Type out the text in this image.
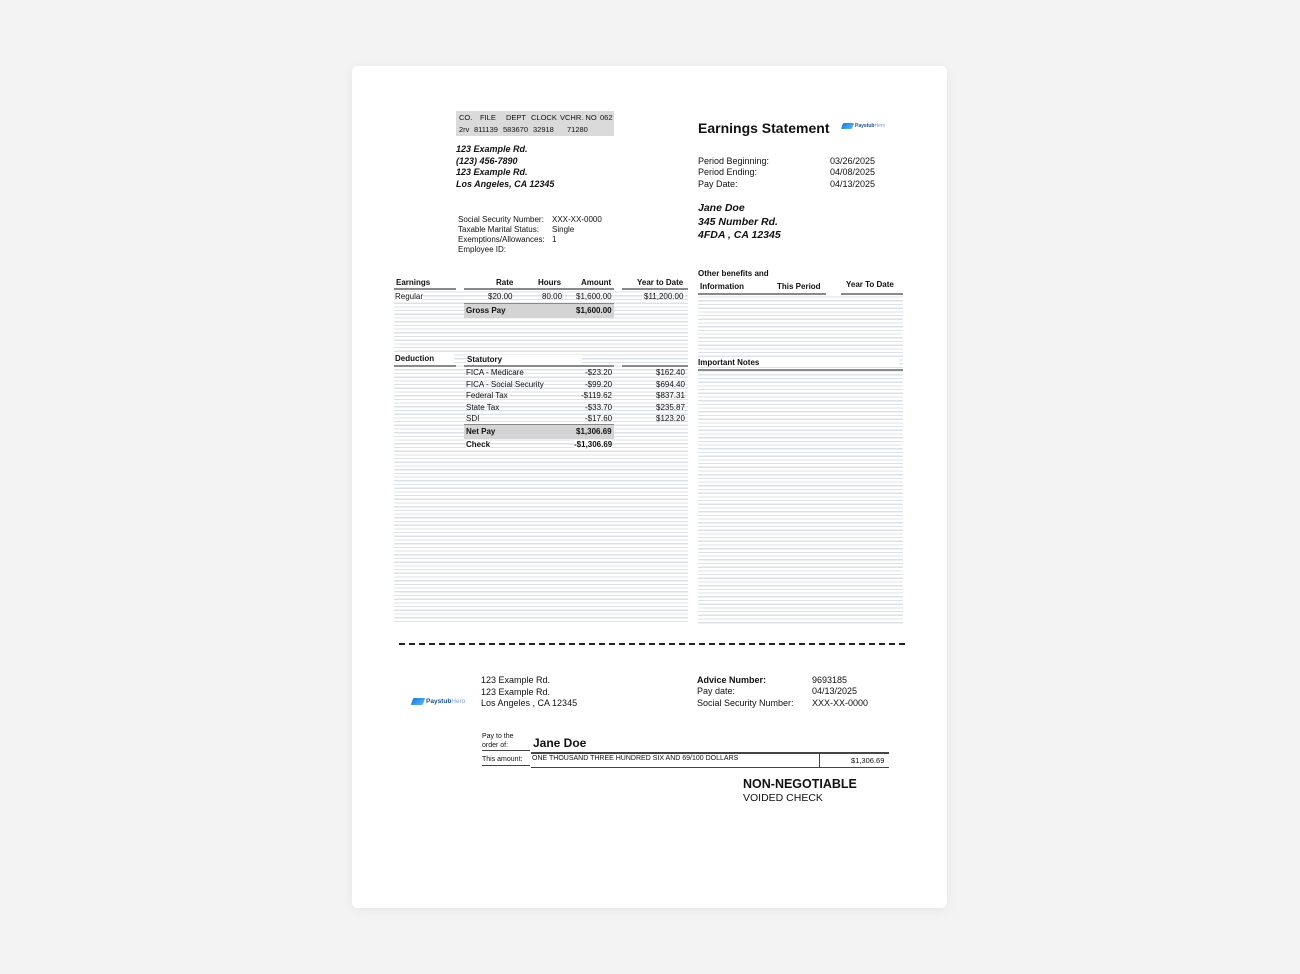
CO. FILE DEPT CLOCK VCHR. NO 062
2rv 811139 583670 32918 71280
123 Example Rd.
(123) 456-7890
123 Example Rd.
Los Angeles, CA 12345
Social Security Number: XXX-XX-0000
Taxable Marital Status: Single
Exemptions/Allowances: 1
Employee ID:
Earnings Statement	PaystubHero
Period Beginning:	03/26/2025
Period Ending:	04/08/2025
Pay Date:	04/13/2025
Jane Doe
345 Number Rd.
4FDA , CA 12345
Earnings	Rate	Hours Amount	Year to Date
Regular	$20.00	80.00 $1,600.00	$11,200.00
Gross Pay	$1,600.00
Deduction	Statutory
FICA - Medicare	-$23.20	$162.40
FICA - Social Security	-$99.20	$694.40
Federal Tax	-$119.62	$837.31
State Tax	-$33.70	$235.87
SDI	-$17.60	$123.20
Net Pay	$1,306.69
Check	-$1,306.69
Other benefits and
Information	This Period	Year To Date
Important Notes
PaystubHero
123 Example Rd.
123 Example Rd.
Los Angeles , CA 12345
Advice Number:	9693185
Pay date:	04/13/2025
Social Security Number: XXX-XX-0000
Pay to the
order of: Jane Doe
This amount: ONE THOUSAND THREE HUNDRED SIX AND 69/100 DOLLARS	$1,306.69
NON-NEGOTIABLE
VOIDED CHECK
